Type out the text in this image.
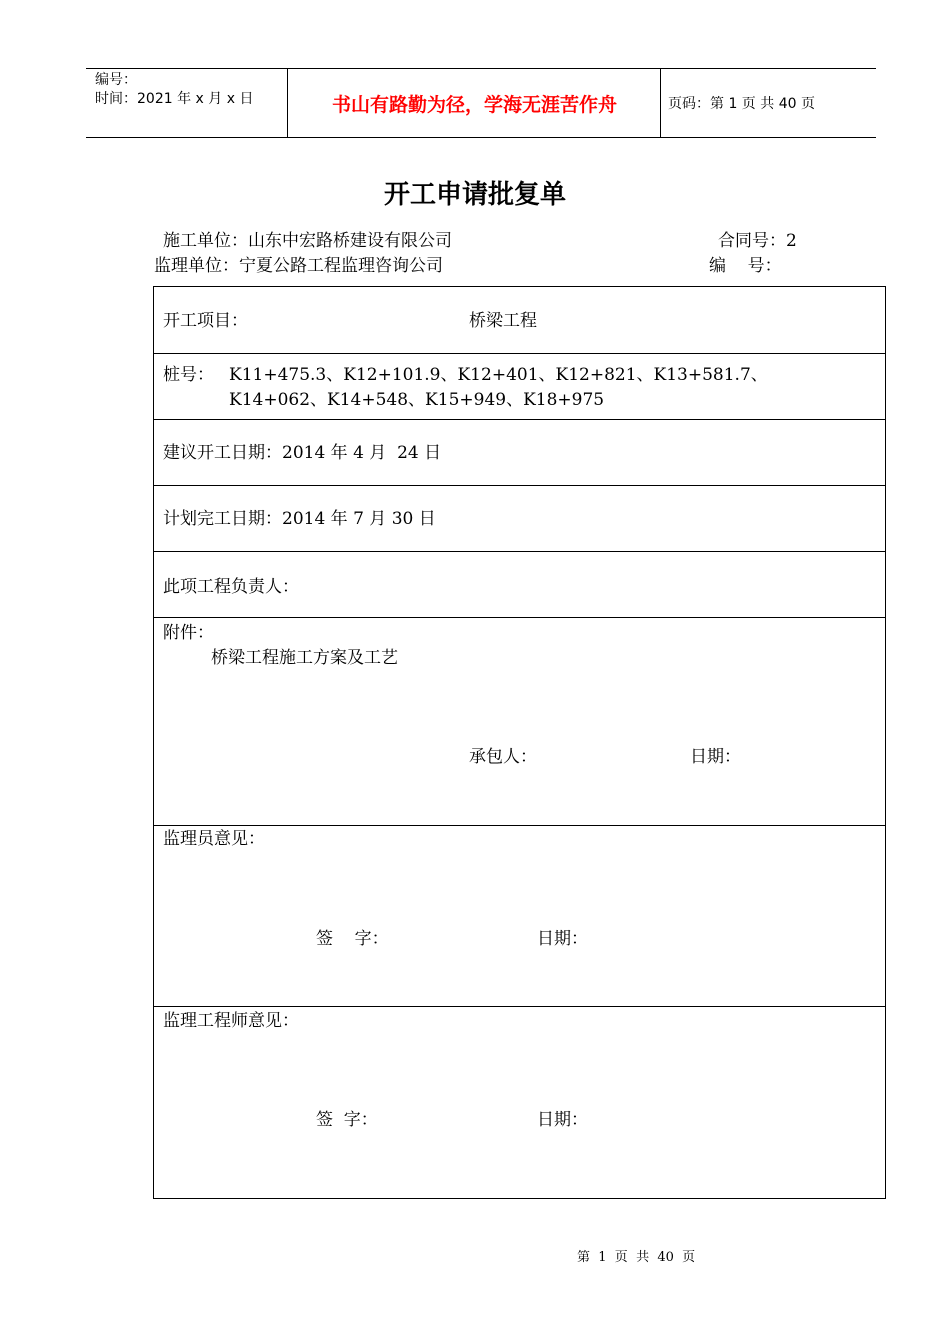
编号：
时间：2021 年 x 月 x 日	书山有路勤为径，学海无涯苦作舟	页码：第 1 页 共 40 页
开工申请批复单
施工单位：山东中宏路桥建设有限公司	合同号：2
监理单位：宁夏公路工程监理咨询公司	编    号：
开工项目：	桥梁工程
桩号： K11+475.3、K12+101.9、K12+401、K12+821、K13+581.7、
K14+062、K14+548、K15+949、K18+975
建议开工日期：2014 年 4 月  24 日
计划完工日期：2014 年 7 月 30 日
此项工程负责人：
附件：
桥梁工程施工方案及工艺
承包人：	日期：
监理员意见：
签    字：	日期：
监理工程师意见：
签  字：	日期：
第  1  页  共  40  页
